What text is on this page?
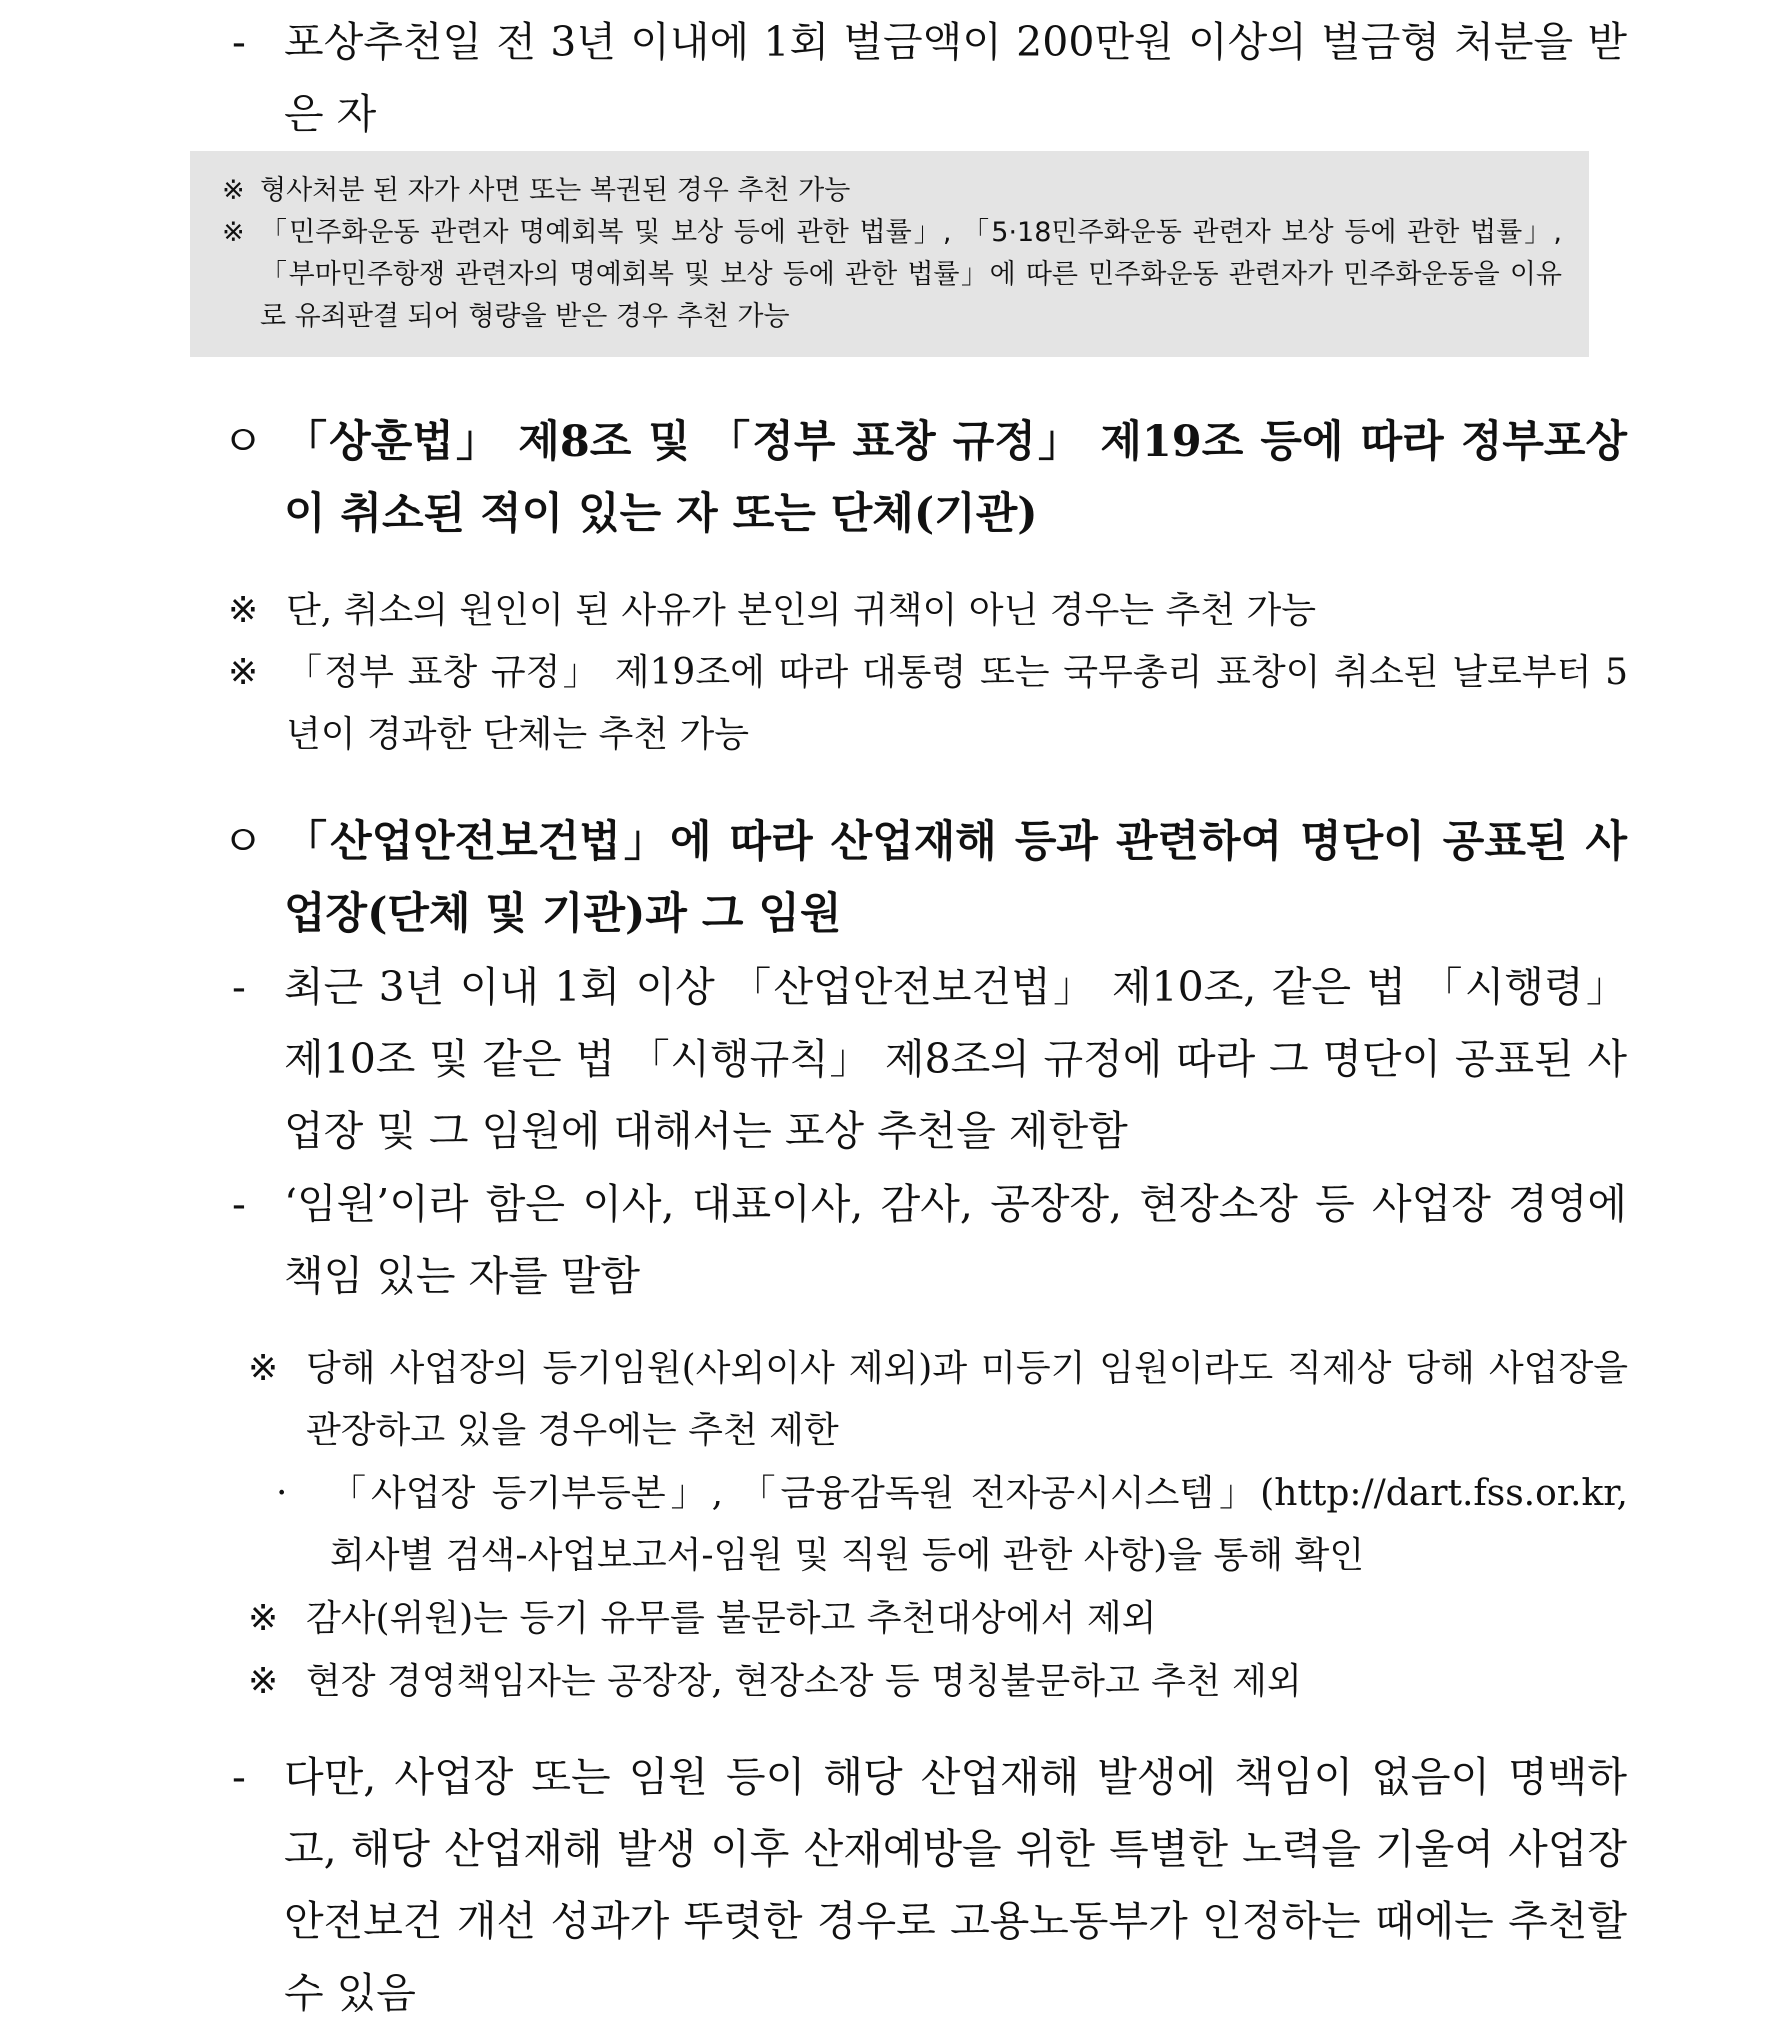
- 포상추천일 전 3년 이내에 1회 벌금액이 200만원 이상의 벌금형 처분을 받은 자
※ 형사처분 된 자가 사면 또는 복권된 경우 추천 가능
※ 「민주화운동 관련자 명예회복 및 보상 등에 관한 법률」, 「5·18민주화운동 관련자 보상 등에 관한 법률」, 「부마민주항쟁 관련자의 명예회복 및 보상 등에 관한 법률」에 따른 민주화운동 관련자가 민주화운동을 이유로 유죄판결 되어 형량을 받은 경우 추천 가능
ㅇ 「상훈법」 제8조 및 「정부 표창 규정」 제19조 등에 따라 정부포상이 취소된 적이 있는 자 또는 단체(기관)
※ 단, 취소의 원인이 된 사유가 본인의 귀책이 아닌 경우는 추천 가능
※ 「정부 표창 규정」 제19조에 따라 대통령 또는 국무총리 표창이 취소된 날로부터 5년이 경과한 단체는 추천 가능
ㅇ 「산업안전보건법」에 따라 산업재해 등과 관련하여 명단이 공표된 사업장(단체 및 기관)과 그 임원
- 최근 3년 이내 1회 이상 「산업안전보건법」 제10조, 같은 법 「시행령」 제10조 및 같은 법 「시행규칙」 제8조의 규정에 따라 그 명단이 공표된 사업장 및 그 임원에 대해서는 포상 추천을 제한함
- ‘임원’이라 함은 이사, 대표이사, 감사, 공장장, 현장소장 등 사업장 경영에 책임 있는 자를 말함
※ 당해 사업장의 등기임원(사외이사 제외)과 미등기 임원이라도 직제상 당해 사업장을 관장하고 있을 경우에는 추천 제한
· 「사업장 등기부등본」, 「금융감독원 전자공시시스템」(http://dart.fss.or.kr, 회사별 검색-사업보고서-임원 및 직원 등에 관한 사항)을 통해 확인
※ 감사(위원)는 등기 유무를 불문하고 추천대상에서 제외
※ 현장 경영책임자는 공장장, 현장소장 등 명칭불문하고 추천 제외
- 다만, 사업장 또는 임원 등이 해당 산업재해 발생에 책임이 없음이 명백하고, 해당 산업재해 발생 이후 산재예방을 위한 특별한 노력을 기울여 사업장 안전보건 개선 성과가 뚜렷한 경우로 고용노동부가 인정하는 때에는 추천할 수 있음
